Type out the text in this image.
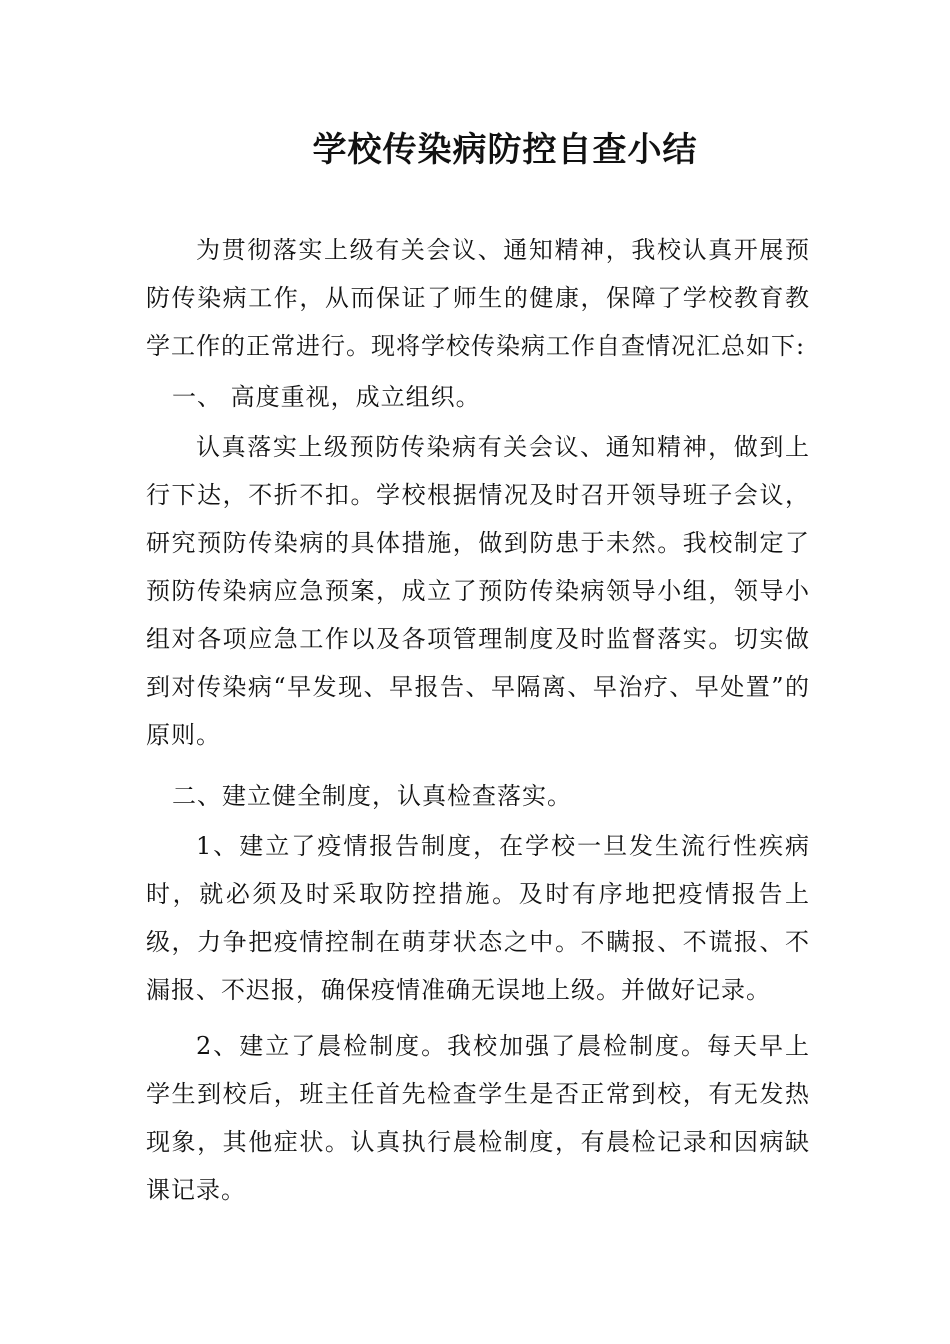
学校传染病防控自查小结

为贯彻落实上级有关会议、通知精神，我校认真开展预防传染病工作，从而保证了师生的健康，保障了学校教育教学工作的正常进行。现将学校传染病工作自查情况汇总如下:

一、 高度重视，成立组织。

认真落实上级预防传染病有关会议、通知精神，做到上行下达，不折不扣。学校根据情况及时召开领导班子会议，研究预防传染病的具体措施，做到防患于未然。我校制定了预防传染病应急预案，成立了预防传染病领导小组，领导小组对各项应急工作以及各项管理制度及时监督落实。切实做到对传染病“早发现、早报告、早隔离、早治疗、早处置”的原则。

二、建立健全制度，认真检查落实。

1、建立了疫情报告制度，在学校一旦发生流行性疾病时，就必须及时采取防控措施。及时有序地把疫情报告上级，力争把疫情控制在萌芽状态之中。不瞒报、不谎报、不漏报、不迟报，确保疫情准确无误地上级。并做好记录。

2、建立了晨检制度。我校加强了晨检制度。每天早上学生到校后，班主任首先检查学生是否正常到校，有无发热现象，其他症状。认真执行晨检制度，有晨检记录和因病缺课记录。
